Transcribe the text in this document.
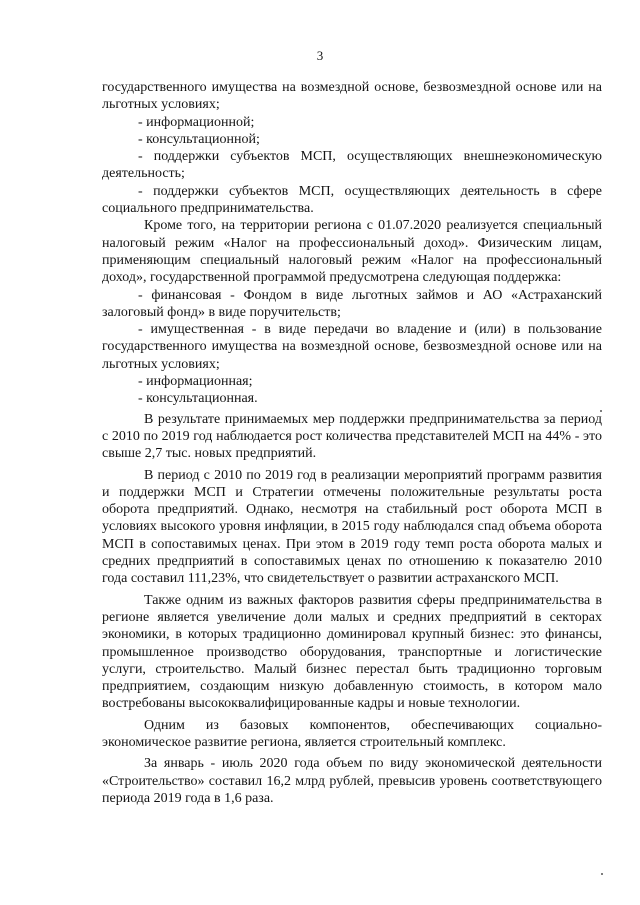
3

государственного имущества на возмездной основе, безвозмездной основе или на льготных условиях;

- информационной;

- консультационной;

- поддержки субъектов МСП, осуществляющих внешнеэкономическую деятельность;

- поддержки субъектов МСП, осуществляющих деятельность в сфере социального предпринимательства.

Кроме того, на территории региона с 01.07.2020 реализуется специальный налоговый режим «Налог на профессиональный доход». Физическим лицам, применяющим специальный налоговый режим «Налог на профессиональный доход», государственной программой предусмотрена следующая поддержка:

- финансовая - Фондом в виде льготных займов и АО «Астраханский залоговый фонд» в виде поручительств;

- имущественная - в виде передачи во владение и (или) в пользование государственного имущества на возмездной основе, безвозмездной основе или на льготных условиях;

- информационная;

- консультационная.

В результате принимаемых мер поддержки предпринимательства за период с 2010 по 2019 год наблюдается рост количества представителей МСП на 44% - это свыше 2,7 тыс. новых предприятий.

В период с 2010 по 2019 год в реализации мероприятий программ развития и поддержки МСП и Стратегии отмечены положительные результаты роста оборота предприятий. Однако, несмотря на стабильный рост оборота МСП в условиях высокого уровня инфляции, в 2015 году наблюдался спад объема оборота МСП в сопоставимых ценах. При этом в 2019 году темп роста оборота малых и средних предприятий в сопоставимых ценах по отношению к показателю 2010 года составил 111,23%, что свидетельствует о развитии астраханского МСП.

Также одним из важных факторов развития сферы предпринимательства в регионе является увеличение доли малых и средних предприятий в секторах экономики, в которых традиционно доминировал крупный бизнес: это финансы, промышленное производство оборудования, транспортные и логистические услуги, строительство. Малый бизнес перестал быть традиционно торговым предприятием, создающим низкую добавленную стоимость, в котором мало востребованы высококвалифицированные кадры и новые технологии.

Одним из базовых компонентов, обеспечивающих социально-экономическое развитие региона, является строительный комплекс.

За январь - июль 2020 года объем по виду экономической деятельности «Строительство» составил 16,2 млрд рублей, превысив уровень соответствующего периода 2019 года в 1,6 раза.
